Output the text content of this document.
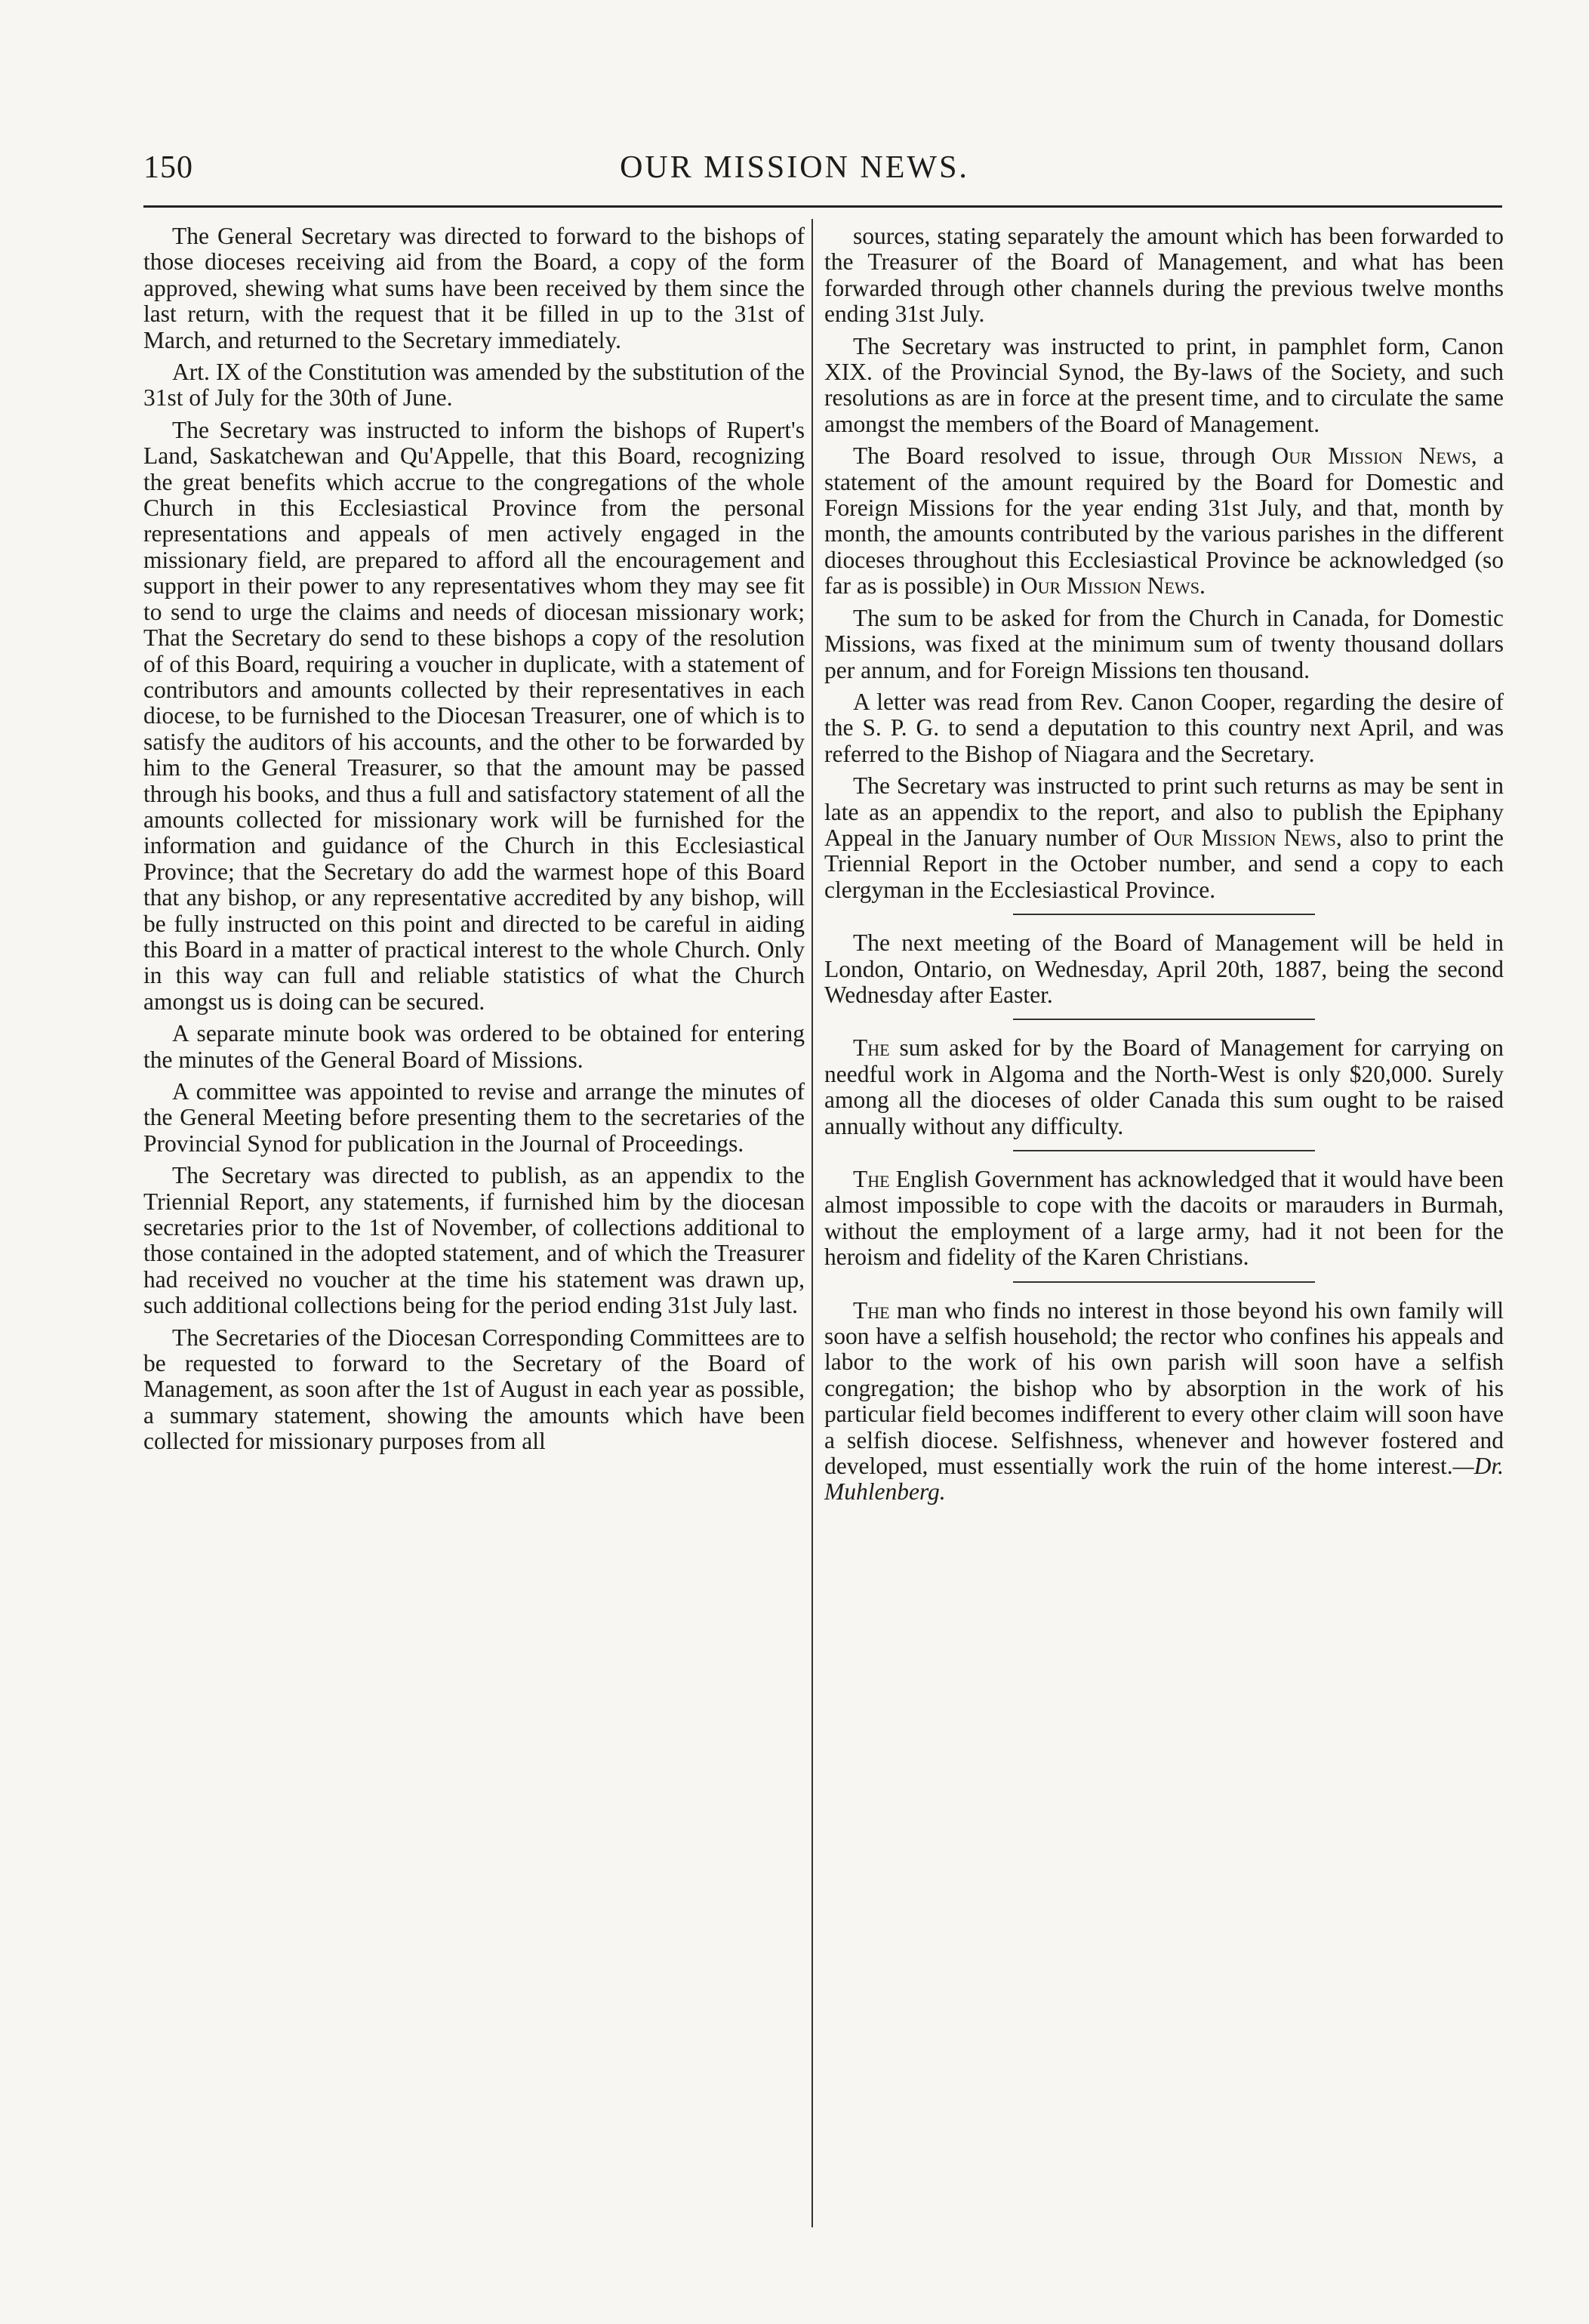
150	OUR MISSION NEWS.

The General Secretary was directed to forward to the bishops of those dioceses receiving aid from the Board, a copy of the form approved, shewing what sums have been received by them since the last return, with the request that it be filled in up to the 31st of March, and returned to the Secretary immediately.

Art. IX of the Constitution was amended by the substitution of the 31st of July for the 30th of June.

The Secretary was instructed to inform the bishops of Rupert's Land, Saskatchewan and Qu'Appelle, that this Board, recognizing the great benefits which accrue to the congregations of the whole Church in this Ecclesiastical Province from the personal representations and appeals of men actively engaged in the missionary field, are prepared to afford all the encouragement and support in their power to any representatives whom they may see fit to send to urge the claims and needs of diocesan missionary work; That the Secretary do send to these bishops a copy of the resolution of of this Board, requiring a voucher in duplicate, with a statement of contributors and amounts collected by their representatives in each diocese, to be furnished to the Diocesan Treasurer, one of which is to satisfy the auditors of his accounts, and the other to be forwarded by him to the General Treasurer, so that the amount may be passed through his books, and thus a full and satisfactory statement of all the amounts collected for missionary work will be furnished for the information and guidance of the Church in this Ecclesiastical Province; that the Secretary do add the warmest hope of this Board that any bishop, or any representative accredited by any bishop, will be fully instructed on this point and directed to be careful in aiding this Board in a matter of practical interest to the whole Church. Only in this way can full and reliable statistics of what the Church amongst us is doing can be secured.

A separate minute book was ordered to be obtained for entering the minutes of the General Board of Missions.

A committee was appointed to revise and arrange the minutes of the General Meeting before presenting them to the secretaries of the Provincial Synod for publication in the Journal of Proceedings.

The Secretary was directed to publish, as an appendix to the Triennial Report, any statements, if furnished him by the diocesan secretaries prior to the 1st of November, of collections additional to those contained in the adopted statement, and of which the Treasurer had received no voucher at the time his statement was drawn up, such additional collections being for the period ending 31st July last.

The Secretaries of the Diocesan Corresponding Committees are to be requested to forward to the Secretary of the Board of Management, as soon after the 1st of August in each year as possible, a summary statement, showing the amounts which have been collected for missionary purposes from all

sources, stating separately the amount which has been forwarded to the Treasurer of the Board of Management, and what has been forwarded through other channels during the previous twelve months ending 31st July.

The Secretary was instructed to print, in pamphlet form, Canon XIX. of the Provincial Synod, the By-laws of the Society, and such resolutions as are in force at the present time, and to circulate the same amongst the members of the Board of Management.

The Board resolved to issue, through Our Mission News, a statement of the amount required by the Board for Domestic and Foreign Missions for the year ending 31st July, and that, month by month, the amounts contributed by the various parishes in the different dioceses throughout this Ecclesiastical Province be acknowledged (so far as is possible) in Our Mission News.

The sum to be asked for from the Church in Canada, for Domestic Missions, was fixed at the minimum sum of twenty thousand dollars per annum, and for Foreign Missions ten thousand.

A letter was read from Rev. Canon Cooper, regarding the desire of the S. P. G. to send a deputation to this country next April, and was referred to the Bishop of Niagara and the Secretary.

The Secretary was instructed to print such returns as may be sent in late as an appendix to the report, and also to publish the Epiphany Appeal in the January number of Our Mission News, also to print the Triennial Report in the October number, and send a copy to each clergyman in the Ecclesiastical Province.

The next meeting of the Board of Management will be held in London, Ontario, on Wednesday, April 20th, 1887, being the second Wednesday after Easter.

The sum asked for by the Board of Management for carrying on needful work in Algoma and the North-West is only $20,000. Surely among all the dioceses of older Canada this sum ought to be raised annually without any difficulty.

The English Government has acknowledged that it would have been almost impossible to cope with the dacoits or marauders in Burmah, without the employment of a large army, had it not been for the heroism and fidelity of the Karen Christians.

The man who finds no interest in those beyond his own family will soon have a selfish household; the rector who confines his appeals and labor to the work of his own parish will soon have a selfish congregation; the bishop who by absorption in the work of his particular field becomes indifferent to every other claim will soon have a selfish diocese. Selfishness, whenever and however fostered and developed, must essentially work the ruin of the home interest.—Dr. Muhlenberg.
